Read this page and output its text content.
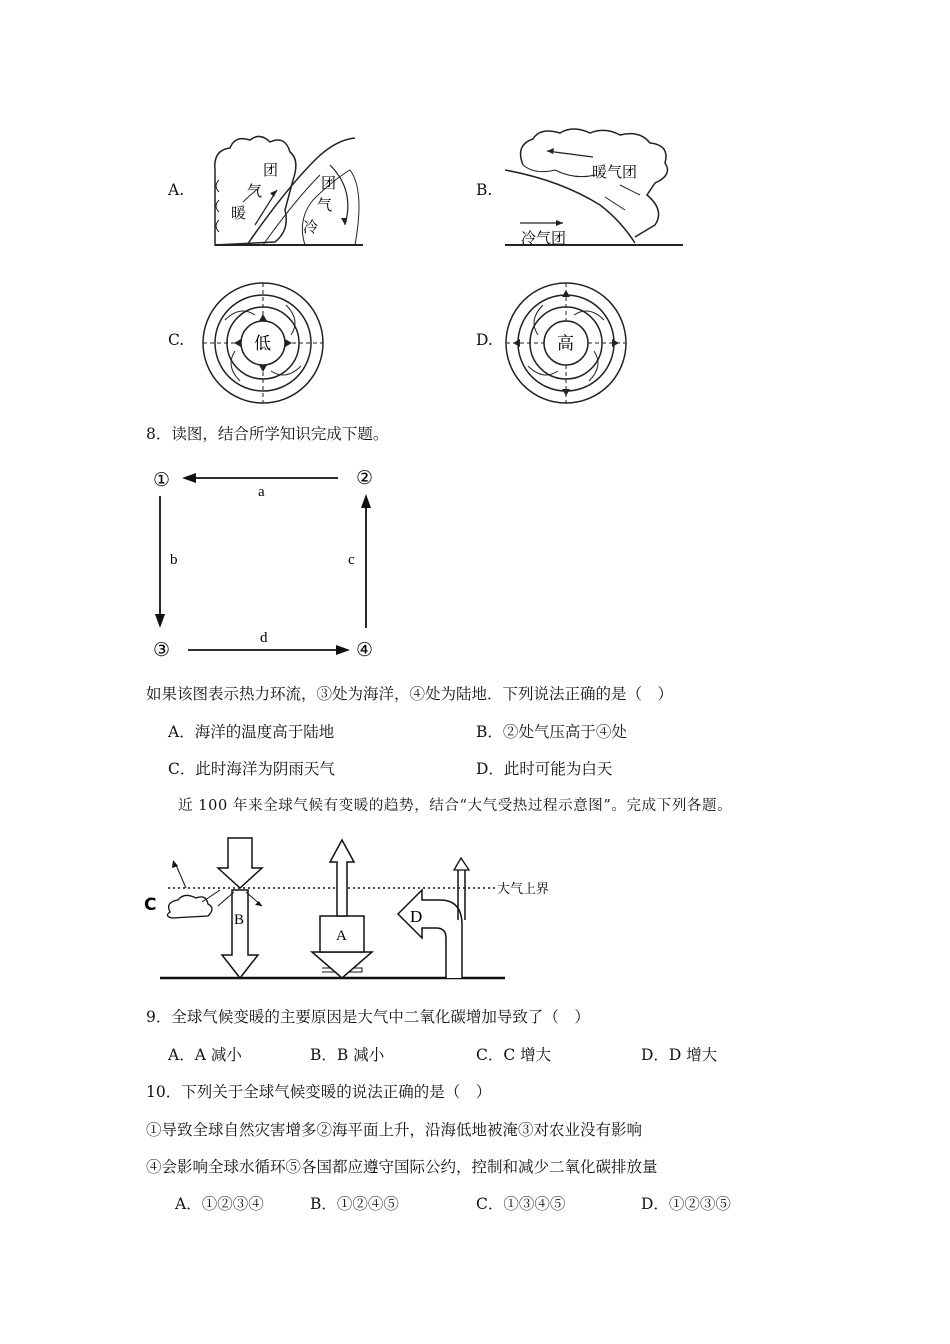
A.
团
气
暖
团
气
冷
B.
暖气团
冷气团
C.	低	D.	高
8．读图，结合所学知识完成下题。
①	②
③	④
a
b	c
d
如果该图表示热力环流，③处为海洋，④处为陆地．下列说法正确的是（　）
A．海洋的温度高于陆地	B．②处气压高于④处
C．此时海洋为阴雨天气	D．此时可能为白天
近 100 年来全球气候有变暖的趋势，结合“大气受热过程示意图”。完成下列各题。
大气上界
B
C
A
D
9．全球气候变暖的主要原因是大气中二氧化碳增加导致了（　）
A．A 减小	B．B 减小	C．C 增大	D．D 增大
10．下列关于全球气候变暖的说法正确的是（　）
①导致全球自然灾害增多②海平面上升，沿海低地被淹③对农业没有影响
④会影响全球水循环⑤各国都应遵守国际公约，控制和减少二氧化碳排放量
A．①②③④	B．①②④⑤	C．①③④⑤	D．①②③⑤
